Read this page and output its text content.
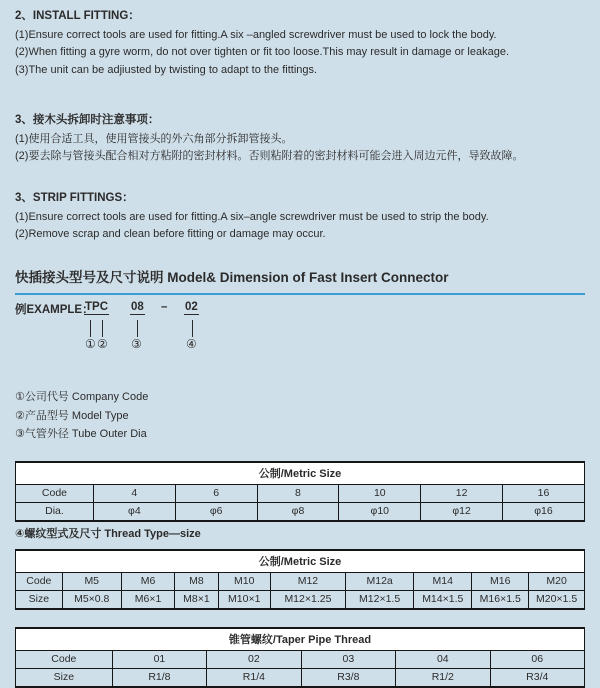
2、INSTALL FITTING：
(1)Ensure correct tools are used for fitting.A six –angled screwdriver must be used to lock the body.
(2)When fitting a gyre worm, do not over tighten or fit too loose.This may result in damage or leakage.
(3)The unit can be adjiusted by twisting to adapt to the fittings.
3、接木头拆卸时注意事项：
(1)使用合适工具，使用管接头的外六角部分拆卸管接头。
(2)要去除与管接头配合相对方粘附的密封材料。否则粘附着的密封材料可能会进入周边元件，导致故障。
3、STRIP FITTINGS：
(1)Ensure correct tools are used for fitting.A six–angle screwdriver must be used to strip the body.
(2)Remove scrap and clean before fitting or damage may occur.
快插接头型号及尺寸说明 Model& Dimension of Fast Insert Connector
例EXAMPLE：
TPC 08 – 02
① ② ③	④
①公司代号 Company Code
②产品型号 Model Type
③气管外径 Tube Outer Dia
公制/Metric Size						
Code	4	6	8	10	12	16
Dia.	φ4	φ6	φ8	φ10	φ12	φ16
④螺纹型式及尺寸 Thread Type—size
公制/Metric Size									
Code	M5	M6	M8	M10	M12	M12a	M14	M16	M20
Size	M5×0.8	M6×1	M8×1	M10×1	M12×1.25	M12×1.5	M14×1.5	M16×1.5	M20×1.5
锥管螺纹/Taper Pipe Thread					
Code	01	02	03	04	06
Size	R1/8	R1/4	R3/8	R1/2	R3/4
